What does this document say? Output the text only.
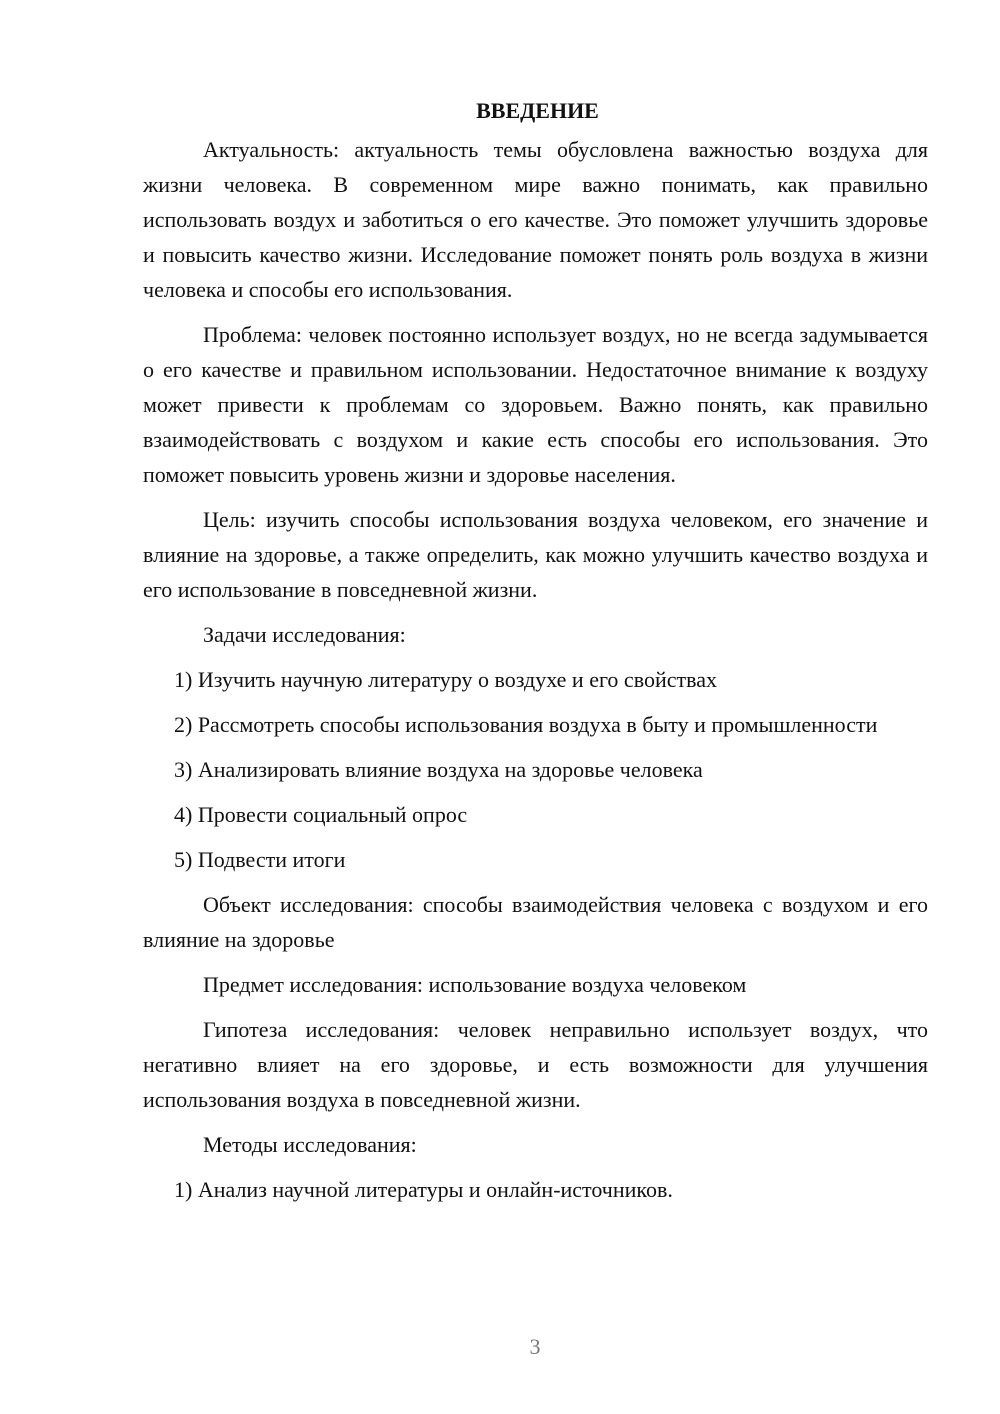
ВВЕДЕНИЕ

Актуальность: актуальность темы обусловлена важностью воздуха для жизни человека. В современном мире важно понимать, как правильно использовать воздух и заботиться о его качестве. Это поможет улучшить здоровье и повысить качество жизни. Исследование поможет понять роль воздуха в жизни человека и способы его использования.

Проблема: человек постоянно использует воздух, но не всегда задумывается о его качестве и правильном использовании. Недостаточное внимание к воздуху может привести к проблемам со здоровьем. Важно понять, как правильно взаимодействовать с воздухом и какие есть способы его использования. Это поможет повысить уровень жизни и здоровье населения.

Цель: изучить способы использования воздуха человеком, его значение и влияние на здоровье, а также определить, как можно улучшить качество воздуха и его использование в повседневной жизни.

Задачи исследования:

1) Изучить научную литературу о воздухе и его свойствах

2) Рассмотреть способы использования воздуха в быту и промышленности

3) Анализировать влияние воздуха на здоровье человека

4) Провести социальный опрос

5) Подвести итоги

Объект исследования: способы взаимодействия человека с воздухом и его влияние на здоровье

Предмет исследования: использование воздуха человеком

Гипотеза исследования: человек неправильно использует воздух, что негативно влияет на его здоровье, и есть возможности для улучшения использования воздуха в повседневной жизни.

Методы исследования:

1) Анализ научной литературы и онлайн-источников.

3
